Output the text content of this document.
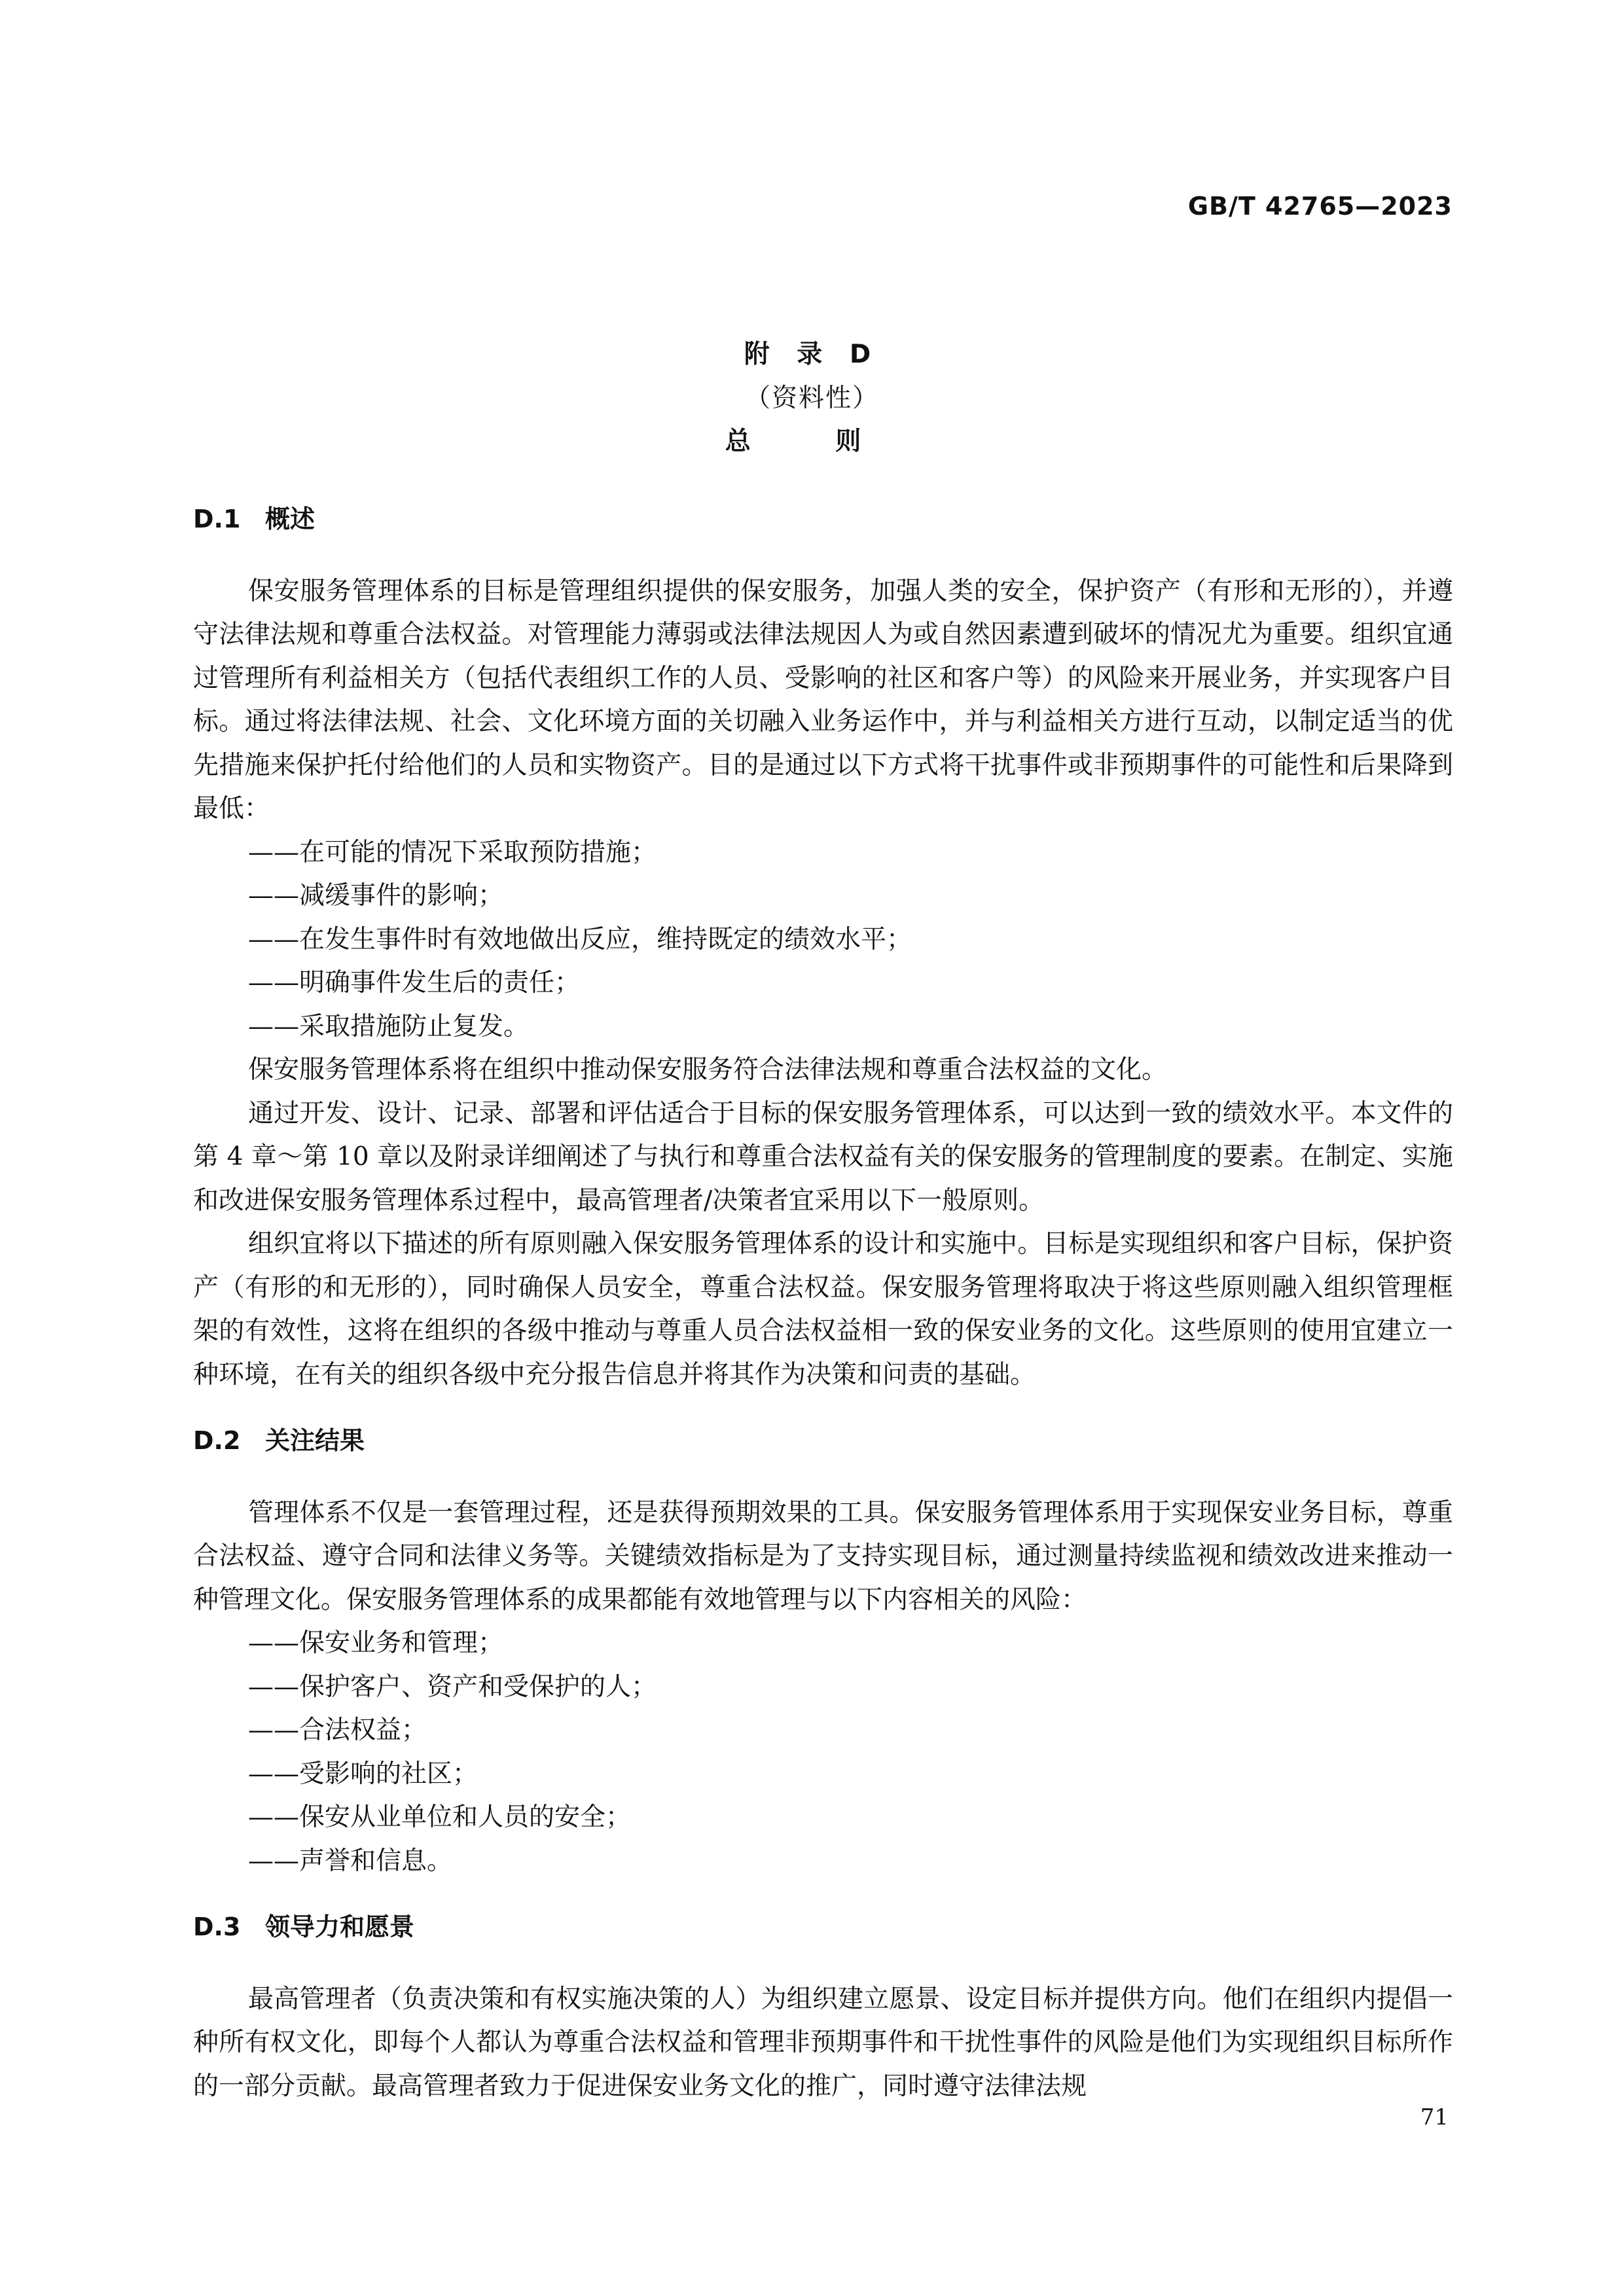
GB/T 42765—2023
附 录 D
（资料性）
总 则
D.1 概述

保安服务管理体系的目标是管理组织提供的保安服务，加强人类的安全，保护资产（有形和无形的），并遵守法律法规和尊重合法权益。对管理能力薄弱或法律法规因人为或自然因素遭到破坏的情况尤为重要。组织宜通过管理所有利益相关方（包括代表组织工作的人员、受影响的社区和客户等）的风险来开展业务，并实现客户目标。通过将法律法规、社会、文化环境方面的关切融入业务运作中，并与利益相关方进行互动，以制定适当的优先措施来保护托付给他们的人员和实物资产。目的是通过以下方式将干扰事件或非预期事件的可能性和后果降到最低：

——在可能的情况下采取预防措施；

——减缓事件的影响；

——在发生事件时有效地做出反应，维持既定的绩效水平；

——明确事件发生后的责任；

——采取措施防止复发。

保安服务管理体系将在组织中推动保安服务符合法律法规和尊重合法权益的文化。

通过开发、设计、记录、部署和评估适合于目标的保安服务管理体系，可以达到一致的绩效水平。本文件的第 4 章～第 10 章以及附录详细阐述了与执行和尊重合法权益有关的保安服务的管理制度的要素。在制定、实施和改进保安服务管理体系过程中，最高管理者/决策者宜采用以下一般原则。

组织宜将以下描述的所有原则融入保安服务管理体系的设计和实施中。目标是实现组织和客户目标，保护资产（有形的和无形的），同时确保人员安全，尊重合法权益。保安服务管理将取决于将这些原则融入组织管理框架的有效性，这将在组织的各级中推动与尊重人员合法权益相一致的保安业务的文化。这些原则的使用宜建立一种环境，在有关的组织各级中充分报告信息并将其作为决策和问责的基础。

D.2 关注结果

管理体系不仅是一套管理过程，还是获得预期效果的工具。保安服务管理体系用于实现保安业务目标，尊重合法权益、遵守合同和法律义务等。关键绩效指标是为了支持实现目标，通过测量持续监视和绩效改进来推动一种管理文化。保安服务管理体系的成果都能有效地管理与以下内容相关的风险：

——保安业务和管理；

——保护客户、资产和受保护的人；

——合法权益；

——受影响的社区；

——保安从业单位和人员的安全；

——声誉和信息。

D.3 领导力和愿景

最高管理者（负责决策和有权实施决策的人）为组织建立愿景、设定目标并提供方向。他们在组织内提倡一种所有权文化，即每个人都认为尊重合法权益和管理非预期事件和干扰性事件的风险是他们为实现组织目标所作的一部分贡献。最高管理者致力于促进保安业务文化的推广，同时遵守法律法规

71
